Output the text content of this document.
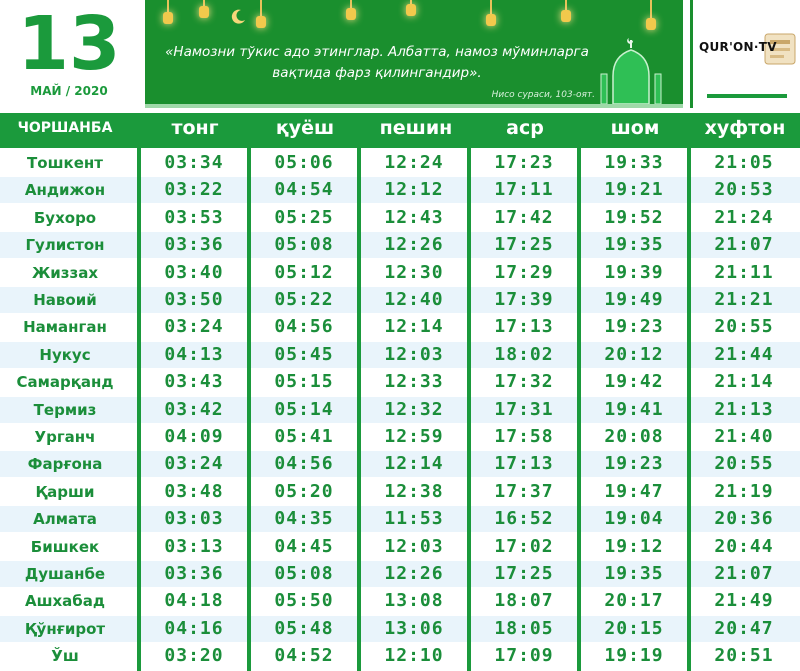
13
МАЙ / 2020
«Намозни тўкис адо этинглар. Албатта, намоз мўминларга вақтида фарз қилингандир».
Нисо сураси, 103-оят.
QUR'ON·TV
ЧОРШАНБА	тонг	қуёш	пешин	аср	шом	хуфтон
Тошкент	03:34	05:06	12:24	17:23	19:33	21:05
Андижон	03:22	04:54	12:12	17:11	19:21	20:53
Бухоро	03:53	05:25	12:43	17:42	19:52	21:24
Гулистон	03:36	05:08	12:26	17:25	19:35	21:07
Жиззах	03:40	05:12	12:30	17:29	19:39	21:11
Навоий	03:50	05:22	12:40	17:39	19:49	21:21
Наманган	03:24	04:56	12:14	17:13	19:23	20:55
Нукус	04:13	05:45	12:03	18:02	20:12	21:44
Самарқанд	03:43	05:15	12:33	17:32	19:42	21:14
Термиз	03:42	05:14	12:32	17:31	19:41	21:13
Урганч	04:09	05:41	12:59	17:58	20:08	21:40
Фарғона	03:24	04:56	12:14	17:13	19:23	20:55
Қарши	03:48	05:20	12:38	17:37	19:47	21:19
Алмата	03:03	04:35	11:53	16:52	19:04	20:36
Бишкек	03:13	04:45	12:03	17:02	19:12	20:44
Душанбе	03:36	05:08	12:26	17:25	19:35	21:07
Ашхабад	04:18	05:50	13:08	18:07	20:17	21:49
Қўнғирот	04:16	05:48	13:06	18:05	20:15	20:47
Ўш	03:20	04:52	12:10	17:09	19:19	20:51
